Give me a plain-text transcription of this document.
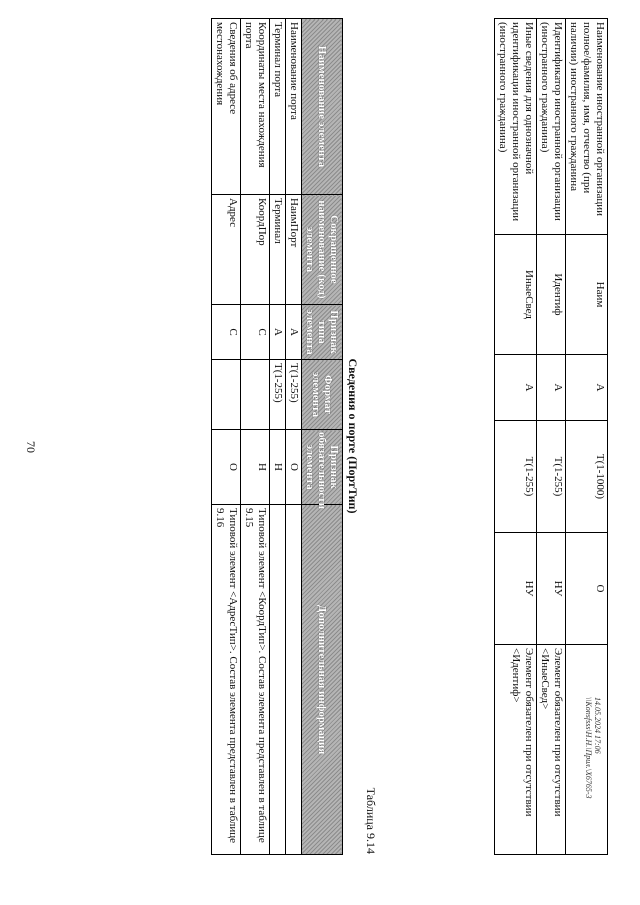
70
14.05.2024 17:06
\\Konsfsss\Н.Н.\Прил.\Х6765-3
Наименование иностранной организации полное/фамилия, имя, отчество (при наличии) иностранного гражданина	Наим	А	T(1-1000)	О	
Идентификатор иностранной организации (иностранного гражданина)	Идентиф	А	T(1-255)	НУ	Элемент обязателен при отсутствии <ИныеСвед>
Иные сведения для однозначной идентификации иностранной организации (иностранного гражданина)	ИныеСвед	А	T(1-255)	НУ	Элемент обязателен при отсутствии <Идентиф>
Таблица 9.14
Сведения о порте (ПортТип)
Наименование элемента	Сокращенное наименование (код) элемента	Признак типа элемента	Формат элемента	Признак обязательности элемента	Дополнительная информация
Наименование порта	НаимПорт	А	T(1-255)	О	
Терминал порта	Терминал	А	T(1-255)	Н	
Координаты места нахождения порта	КоордПор	С		Н	Типовой элемент <КоордТип>. Состав элемента представлен в таблице 9.15
Сведения об адресе местонахождения	Адрес	С		О	Типовой элемент <АдресТип>. Состав элемента представлен в таблице 9.16
